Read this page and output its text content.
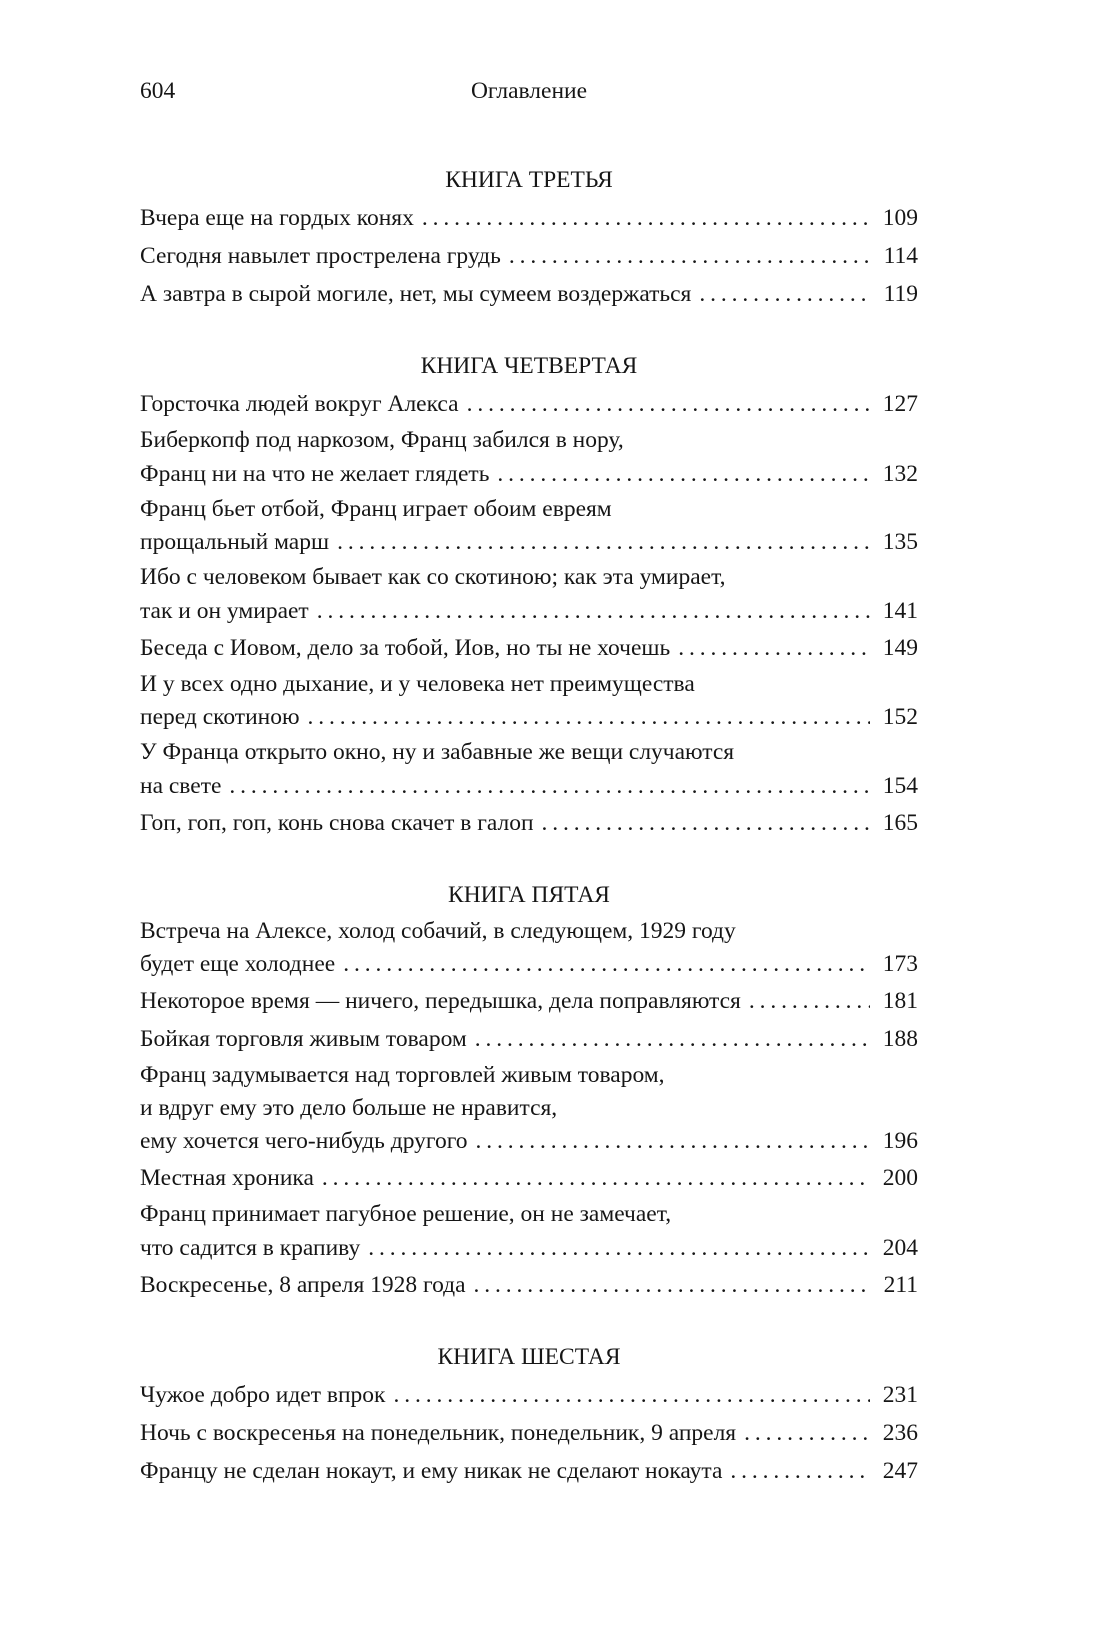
604	Оглавление
КНИГА ТРЕТЬЯ
Вчера еще на гордых конях . . .	109
Сегодня навылет прострелена грудь . . .	114
А завтра в сырой могиле, нет, мы сумеем воздержаться . . .	119
КНИГА ЧЕТВЕРТАЯ
Горсточка людей вокруг Алекса . . .	127
Биберкопф под наркозом, Франц забился в нору,
Франц ни на что не желает глядеть . . .	132
Франц бьет отбой, Франц играет обоим евреям
прощальный марш . . .	135
Ибо с человеком бывает как со скотиною; как эта умирает,
так и он умирает . . .	141
Беседа с Иовом, дело за тобой, Иов, но ты не хочешь . . .	149
И у всех одно дыхание, и у человека нет преимущества
перед скотиною . . .	152
У Франца открыто окно, ну и забавные же вещи случаются
на свете . . .	154
Гоп, гоп, гоп, конь снова скачет в галоп . . .	165
КНИГА ПЯТАЯ
Встреча на Алексе, холод собачий, в следующем, 1929 году
будет еще холоднее . . .	173
Некоторое время — ничего, передышка, дела поправляются . . .	181
Бойкая торговля живым товаром . . .	188
Франц задумывается над торговлей живым товаром,
и вдруг ему это дело больше не нравится,
ему хочется чего-нибудь другого . . .	196
Местная хроника . . .	200
Франц принимает пагубное решение, он не замечает,
что садится в крапиву . . .	204
Воскресенье, 8 апреля 1928 года . . .	211
КНИГА ШЕСТАЯ
Чужое добро идет впрок . . .	231
Ночь с воскресенья на понедельник, понедельник, 9 апреля . . .	236
Францу не сделан нокаут, и ему никак не сделают нокаута . . .	247
